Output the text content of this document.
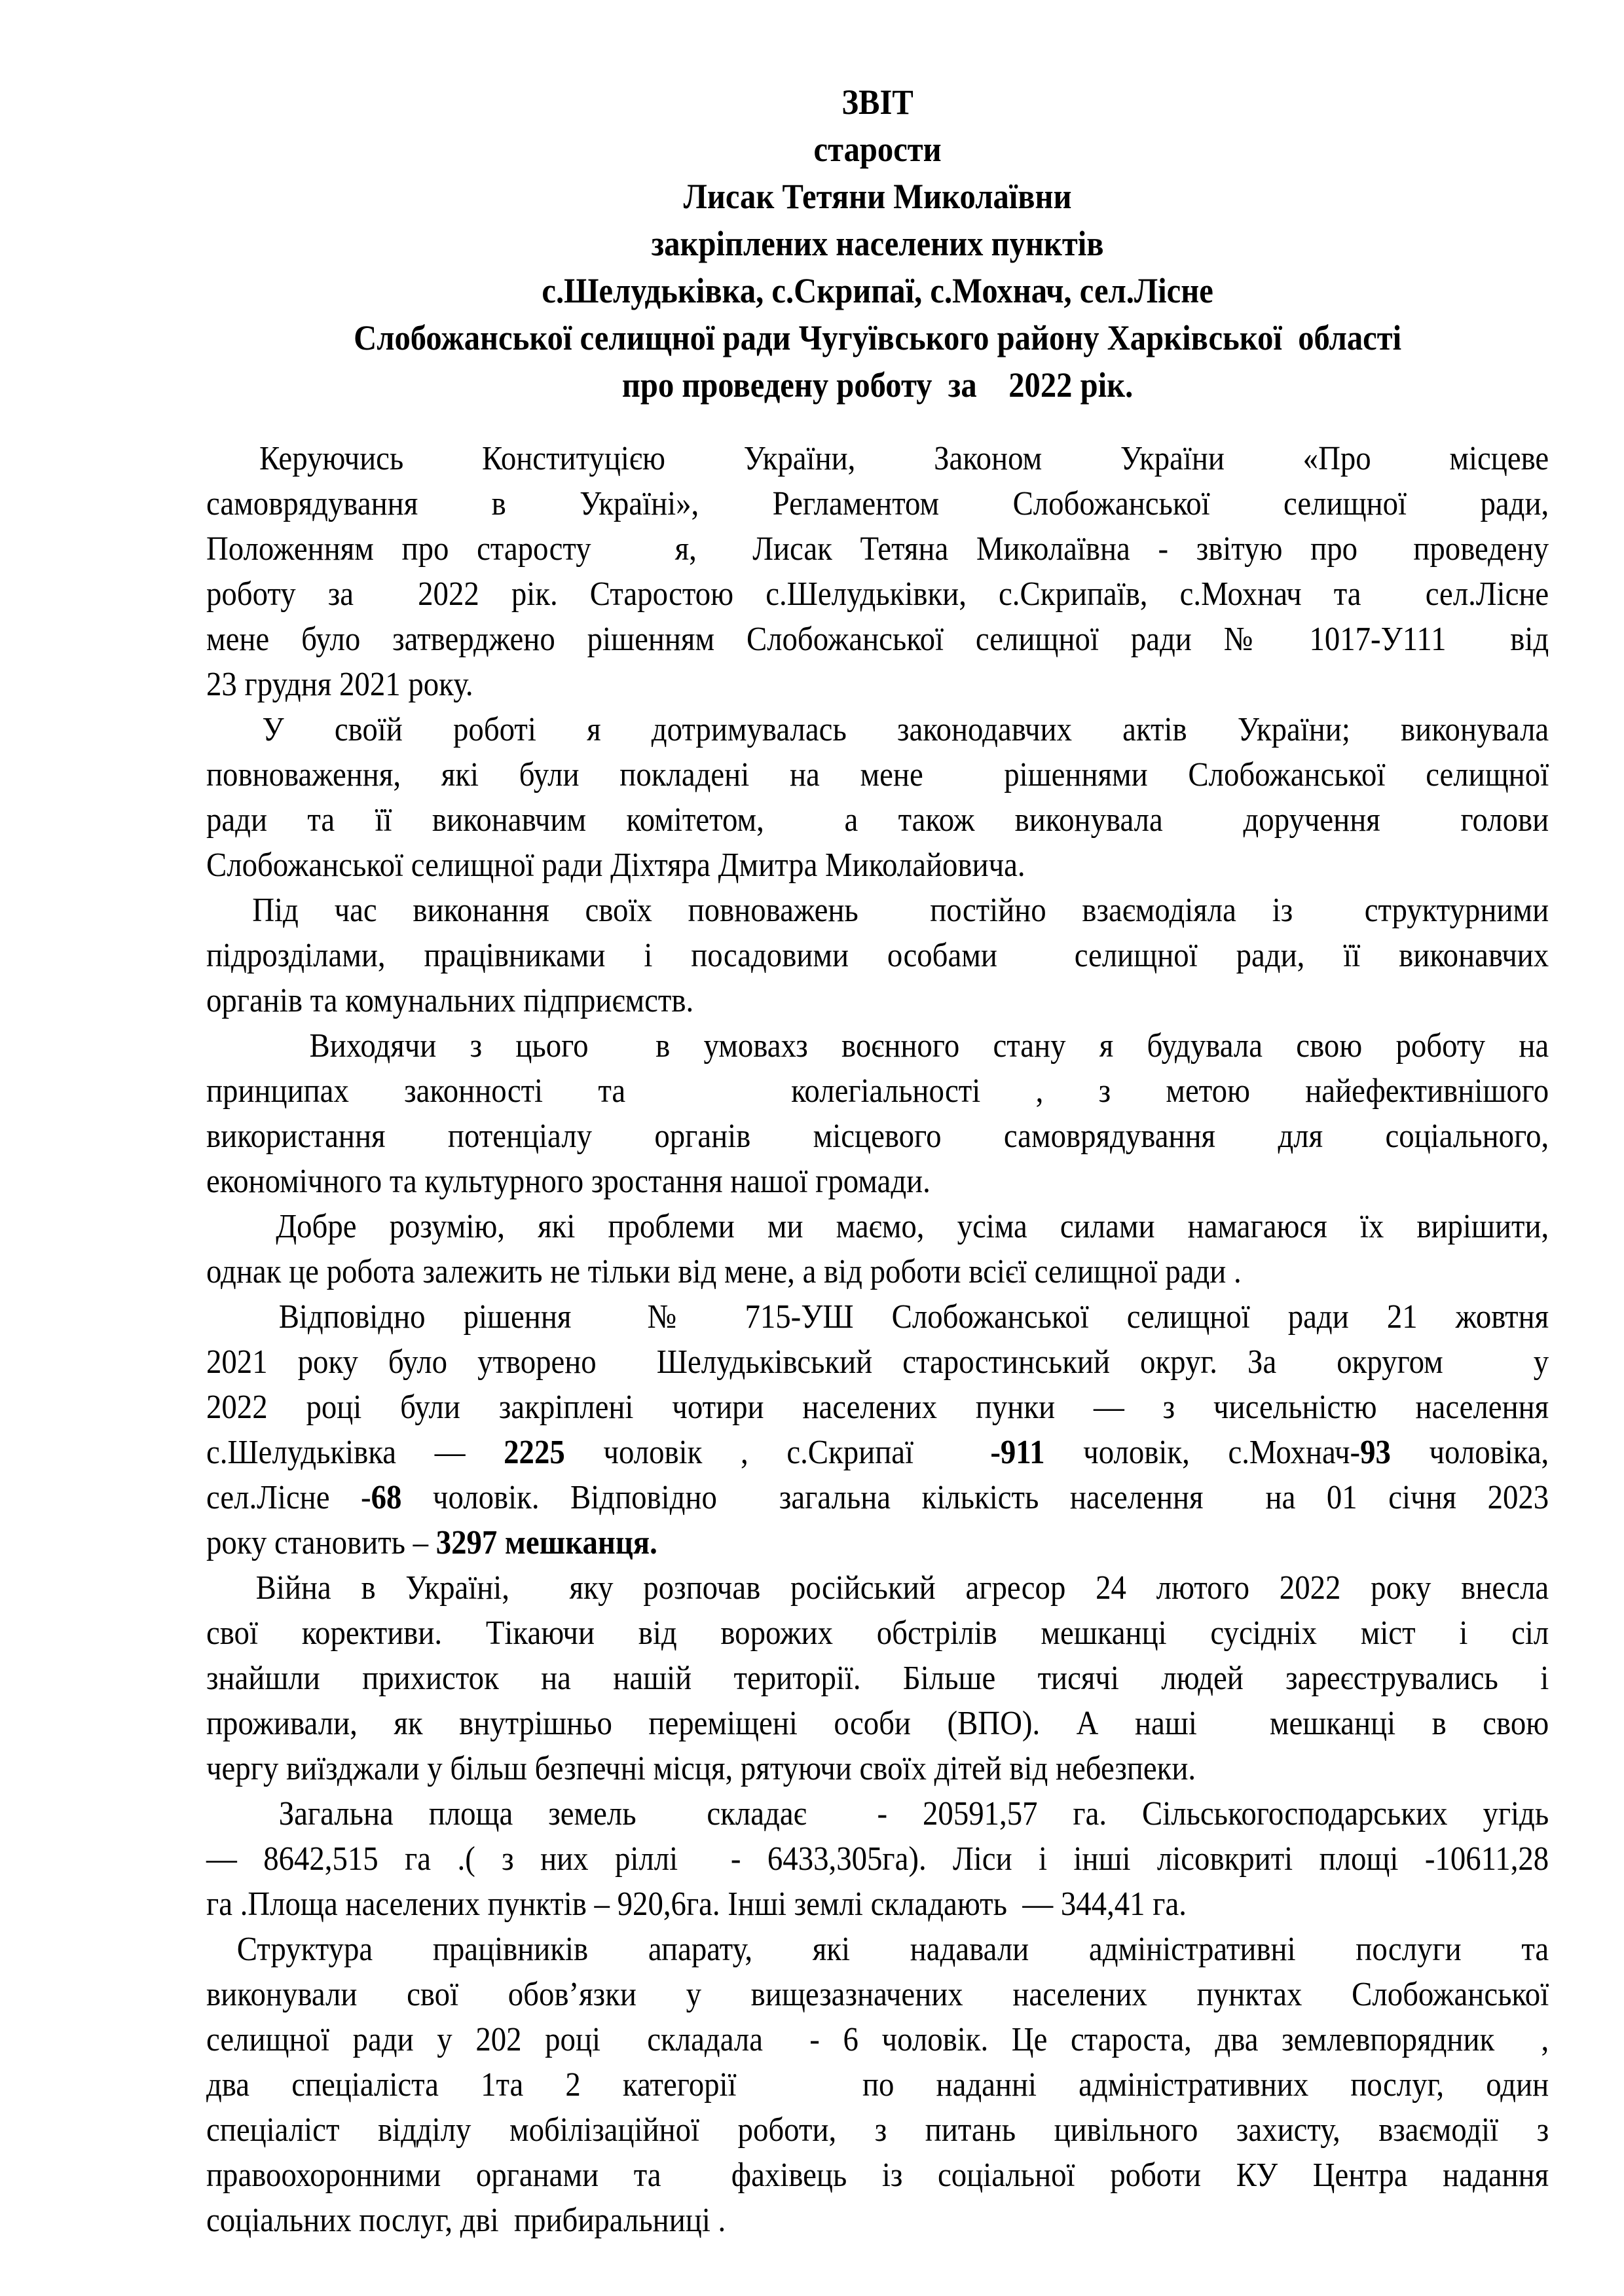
ЗВІТ
старости
Лисак Тетяни Миколаївни
закріплених населених пунктів
с.Шелудьківка, с.Скрипаї, с.Мохнач, сел.Лісне
Слобожанської селищної ради Чугуївського району Харківської  області
про проведену роботу  за    2022 рік.
Керуючись Конституцією України, Законом України «Про місцеве
самоврядування в Україні», Регламентом Слобожанської селищної ради,
Положенням про старосту   я,  Лисак Тетяна Миколаївна - звітую про  проведену
роботу за  2022 рік. Старостою с.Шелудьківки, с.Скрипаїв, с.Мохнач та  сел.Лісне
мене було затверджено рішенням Слобожанської селищної ради № 1017-У111  від
23 грудня 2021 року.
У своїй роботі я дотримувалась законодавчих актів України; виконувала
повноваження, які були покладені на мене  рішеннями Слобожанської селищної
ради та її виконавчим комітетом,  а також виконувала  доручення  голови
Слобожанської селищної ради Діхтяра Дмитра Миколайовича.
Під час виконання своїх повноважень  постійно взаємодіяла із  структурними
підрозділами, працівниками і посадовими особами  селищної ради, її виконавчих
органів та комунальних підприємств.
Виходячи з цього  в умовахз воєнного стану я будувала свою роботу на
принципах законності та   колегіальності , з метою найефективнішого
використання потенціалу органів місцевого самоврядування для соціального,
економічного та культурного зростання нашої громади.
Добре розумію, які проблеми ми маємо, усіма силами намагаюся їх вирішити,
однак це робота залежить не тільки від мене, а від роботи всієї селищної ради .
Відповідно рішення  № 715-УШ Слобожанської селищної ради 21 жовтня
2021 року було утворено  Шелудьківський старостинський округ. За  округом   у
2022 році були закріплені чотири населених пунки — з чисельністю населення
с.Шелудьківка — 2225 чоловік , с.Скрипаї  -911 чоловік, с.Мохнач-93 чоловіка,
сел.Лісне -68 чоловік. Відповідно  загальна кількість населення  на 01 січня 2023
року становить – 3297 мешканця.
Війна в Україні,  яку розпочав російський агресор 24 лютого 2022 року внесла
свої корективи. Тікаючи від ворожих обстрілів мешканці сусідніх міст і сіл
знайшли прихисток на нашій території. Більше тисячі людей зареєструвались і
проживали, як внутрішньо переміщені особи (ВПО). А наші  мешканці в свою
чергу виїзджали у більш безпечні місця, рятуючи своїх дітей від небезпеки.
Загальна площа земель  складає  - 20591,57 га. Сільськогосподарських угідь
— 8642,515 га .( з них ріллі  - 6433,305га). Ліси і інші лісовкриті площі -10611,28
га .Площа населених пунктів – 920,6га. Інші землі складають  — 344,41 га.
Структура працівників апарату, які надавали адміністративні послуги та
виконували свої обов’язки у вищезазначених населених пунктах Слобожанської
селищної ради у 202 році  складала  - 6 чоловік. Це староста, два землевпорядник  ,
два спеціаліста 1та 2 категорії   по наданні адміністративних послуг, один
спеціаліст відділу мобілізаційної роботи, з питань цивільного захисту, взаємодії з
правоохоронними органами та  фахівець із соціальної роботи КУ Центра надання
соціальних послуг, дві  прибиральниці .
